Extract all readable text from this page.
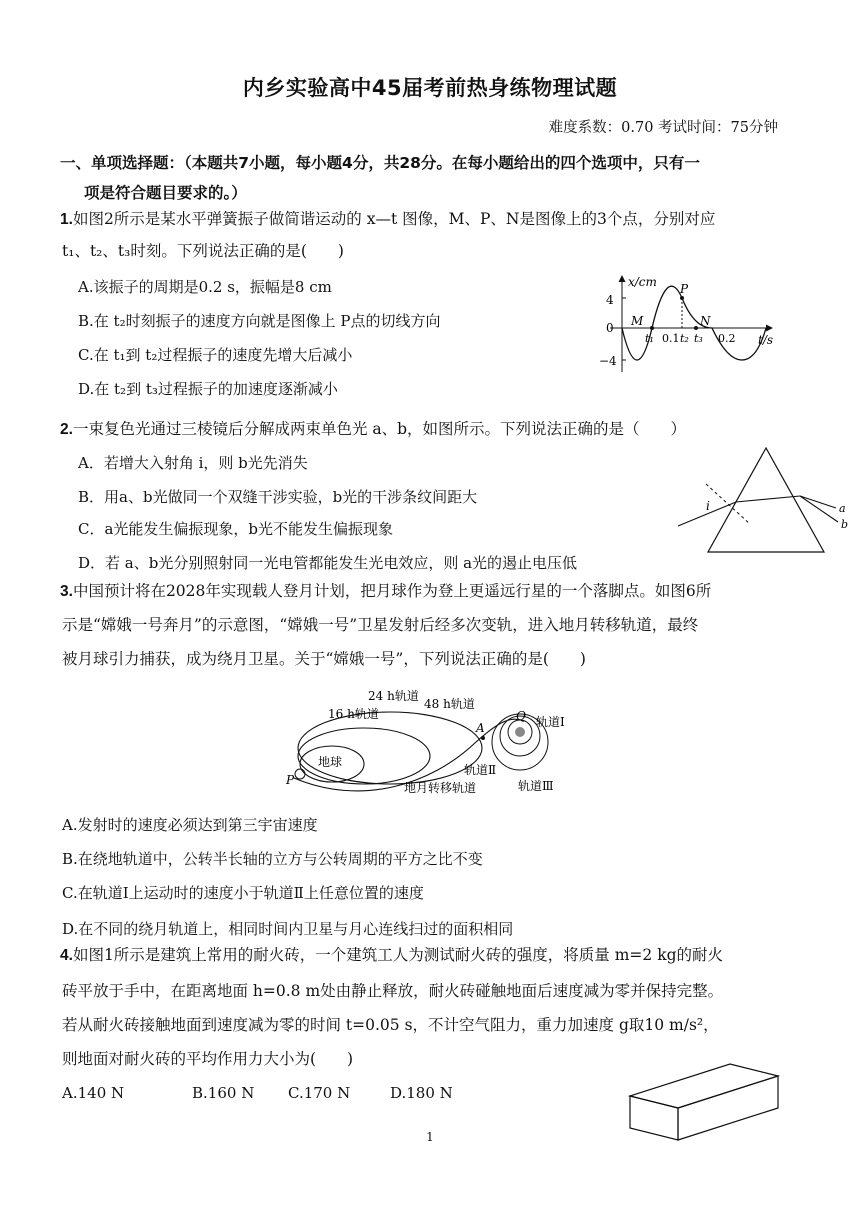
内乡实验高中45届考前热身练物理试题
难度系数：0.70 考试时间：75分钟
一、单项选择题：（本题共7小题，每小题4分，共28分。在每小题给出的四个选项中，只有一
项是符合题目要求的。）
1.如图2所示是某水平弹簧振子做简谐运动的 x—t 图像，M、P、N是图像上的3个点，分别对应
t₁、t₂、t₃时刻。下列说法正确的是(　　)
A.该振子的周期是0.2 s，振幅是8 cm
B.在 t₂时刻振子的速度方向就是图像上 P点的切线方向
C.在 t₁到 t₂过程振子的速度先增大后减小
D.在 t₂到 t₃过程振子的加速度逐渐减小
x/cm
4
0
−4
M
P
N
t₁ 0.1 t₂ t₃ 0.2 t/s
2.一束复色光通过三棱镜后分解成两束单色光 a、b，如图所示。下列说法正确的是（　　）
A．若增大入射角 i，则 b光先消失
B．用a、b光做同一个双缝干涉实验，b光的干涉条纹间距大
C．a光能发生偏振现象，b光不能发生偏振现象
D．若 a、b光分别照射同一光电管都能发生光电效应，则 a光的遏止电压低
i	a
b
3.中国预计将在2028年实现载人登月计划，把月球作为登上更遥远行星的一个落脚点。如图6所
示是“嫦娥一号奔月”的示意图，“嫦娥一号”卫星发射后经多次变轨，进入地月转移轨道，最终
被月球引力捕获，成为绕月卫星。关于“嫦娥一号”，下列说法正确的是(　　)
P
地球
A
Q
24 h轨道
48 h轨道
16 h轨道
轨道Ⅰ
轨道Ⅱ
轨道Ⅲ
地月转移轨道
A.发射时的速度必须达到第三宇宙速度
B.在绕地轨道中，公转半长轴的立方与公转周期的平方之比不变
C.在轨道Ⅰ上运动时的速度小于轨道Ⅱ上任意位置的速度
D.在不同的绕月轨道上，相同时间内卫星与月心连线扫过的面积相同
4.如图1所示是建筑上常用的耐火砖，一个建筑工人为测试耐火砖的强度，将质量 m=2 kg的耐火
砖平放于手中，在距离地面 h=0.8 m处由静止释放，耐火砖碰触地面后速度减为零并保持完整。
若从耐火砖接触地面到速度减为零的时间 t=0.05 s，不计空气阻力，重力加速度 g取10 m/s²，
则地面对耐火砖的平均作用力大小为(　　)
A.140 N	B.160 N C.170 N	D.180 N
1
